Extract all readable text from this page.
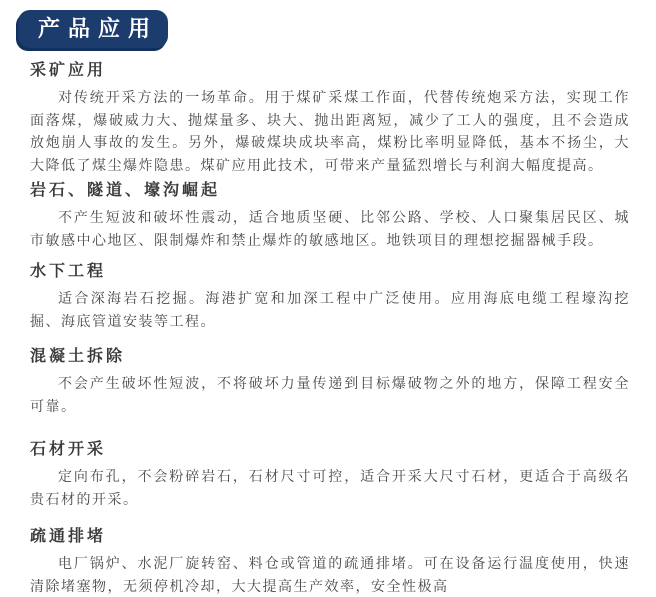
产品应用
采矿应用

对传统开采方法的一场革命。用于煤矿采煤工作面，代替传统炮采方法，实现工作面落煤，爆破威力大、抛煤量多、块大、抛出距离短，减少了工人的强度，且不会造成放炮崩人事故的发生。另外，爆破煤块成块率高，煤粉比率明显降低，基本不扬尘，大大降低了煤尘爆炸隐患。煤矿应用此技术，可带来产量猛烈增长与利润大幅度提高。

岩石、隧道、壕沟崛起

不产生短波和破坏性震动，适合地质坚硬、比邻公路、学校、人口聚集居民区、城市敏感中心地区、限制爆炸和禁止爆炸的敏感地区。地铁项目的理想挖掘器械手段。

水下工程

适合深海岩石挖掘。海港扩宽和加深工程中广泛使用。应用海底电缆工程壕沟挖掘、海底管道安装等工程。

混凝土拆除

不会产生破坏性短波，不将破坏力量传递到目标爆破物之外的地方，保障工程安全可靠。

石材开采

定向布孔，不会粉碎岩石，石材尺寸可控，适合开采大尺寸石材，更适合于高级名贵石材的开采。

疏通排堵

电厂锅炉、水泥厂旋转窑、料仓或管道的疏通排堵。可在设备运行温度使用，快速清除堵塞物，无须停机冷却，大大提高生产效率，安全性极高
